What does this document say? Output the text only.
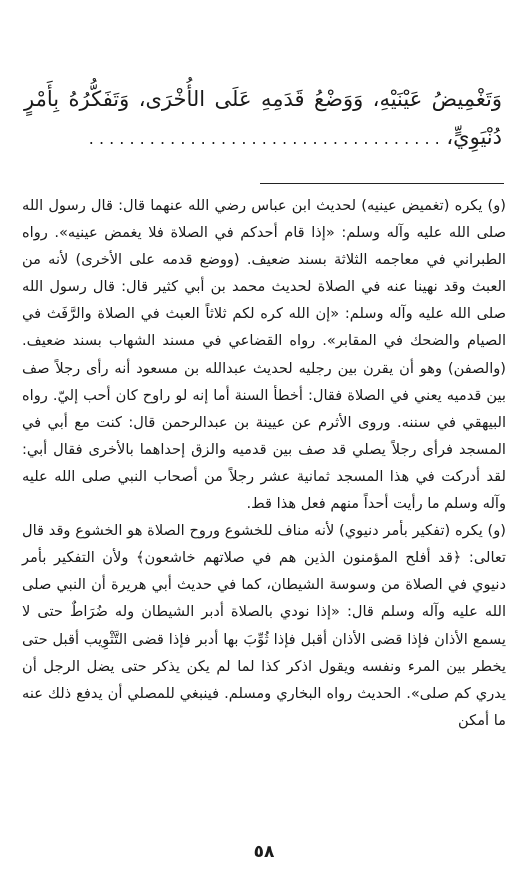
وَتَغْمِيضُ عَيْنَيْهِ، وَوَضْعُ قَدَمِهِ عَلَى الأُخْرَى، وَتَفَكُّرُهُ بِأَمْرٍ دُنْيَوِيٍّ، . . . . . . . . . . . . . . . . . . . . . . . . . . . . . . . . . . .

(و) يكره (تغميض عينيه) لحديث ابن عباس رضي الله عنهما قال: قال رسول الله صلى الله عليه وآله وسلم: «إذا قام أحدكم في الصلاة فلا يغمض عينيه». رواه الطبراني في معاجمه الثلاثة بسند ضعيف. (ووضع قدمه على الأخرى) لأنه من العبث وقد نهينا عنه في الصلاة لحديث محمد بن أبي كثير قال: قال رسول الله صلى الله عليه وآله وسلم: «إن الله كره لكم ثلاثاً العبث في الصلاة والرَّفَث في الصيام والضحك في المقابر». رواه القضاعي في مسند الشهاب بسند ضعيف. (والصفن) وهو أن يقرن بين رجليه لحديث عبدالله بن مسعود أنه رأى رجلاً صف بين قدميه يعني في الصلاة فقال: أخطأ السنة أما إنه لو راوح كان أحب إليّ. رواه البيهقي في سننه. وروى الأثرم عن عيينة بن عبدالرحمن قال: كنت مع أبي في المسجد فرأى رجلاً يصلي قد صف بين قدميه والزق إحداهما بالأخرى فقال أبي: لقد أدركت في هذا المسجد ثمانية عشر رجلاً من أصحاب النبي صلى الله عليه وآله وسلم ما رأيت أحداً منهم فعل هذا قط.

(و) يكره (تفكير بأمر دنيوي) لأنه مناف للخشوع وروح الصلاة هو الخشوع وقد قال تعالى: ﴿قد أفلح المؤمنون الذين هم في صلاتهم خاشعون﴾ ولأن التفكير بأمر دنيوي في الصلاة من وسوسة الشيطان، كما في حديث أبي هريرة أن النبي صلى الله عليه وآله وسلم قال: «إذا نودي بالصلاة أدبر الشيطان وله ضُرَاطٌ حتى لا يسمع الأذان فإذا قضى الأذان أقبل فإذا ثُوِّبَ بها أدبر فإذا قضى التَّثْوِيب أقبل حتى يخطر بين المرء ونفسه ويقول اذكر كذا لما لم يكن يذكر حتى يضل الرجل أن يدري كم صلى». الحديث رواه البخاري ومسلم. فينبغي للمصلي أن يدفع ذلك عنه ما أمكن

٥٨
